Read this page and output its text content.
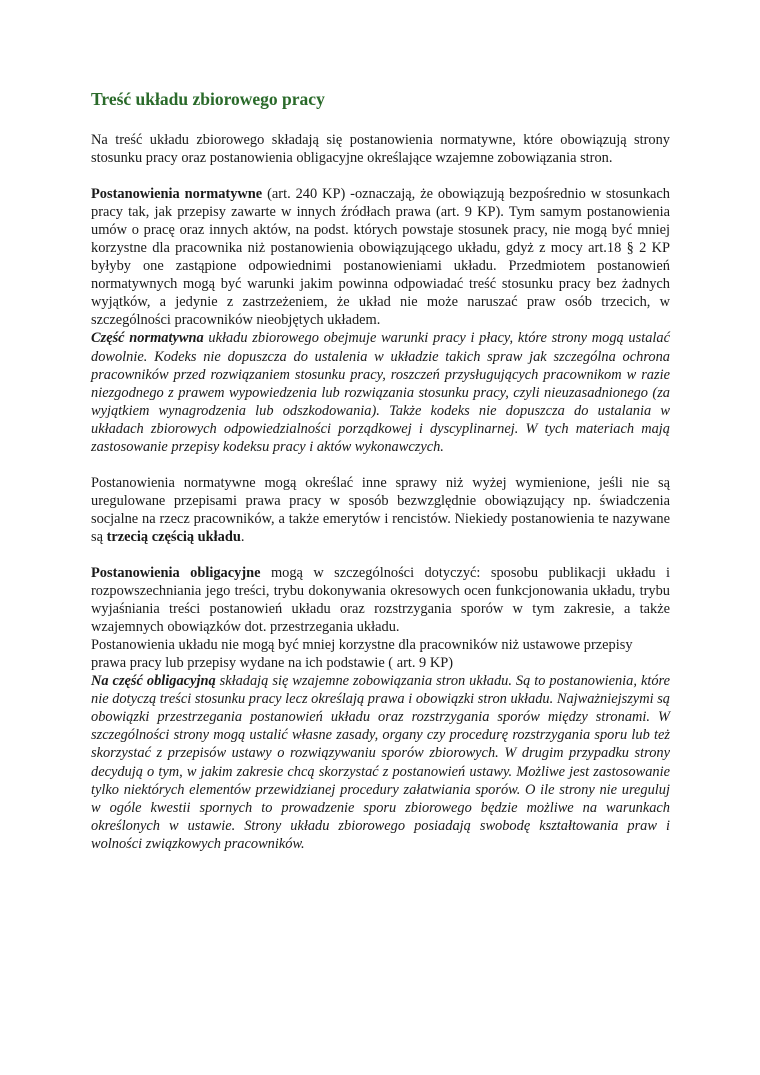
Treść układu zbiorowego pracy

Na treść układu zbiorowego składają się postanowienia normatywne, które obowiązują strony stosunku pracy oraz postanowienia obligacyjne określające wzajemne zobowiązania stron.

Postanowienia normatywne (art. 240 KP) -oznaczają, że obowiązują bezpośrednio w stosunkach pracy tak, jak przepisy zawarte w innych źródłach prawa (art. 9 KP). Tym samym postanowienia umów o pracę oraz innych aktów, na podst. których powstaje stosunek pracy, nie mogą być mniej korzystne dla pracownika niż postanowienia obowiązującego układu, gdyż z mocy art.18 § 2 KP byłyby one zastąpione odpowiednimi postanowieniami układu. Przedmiotem postanowień normatywnych mogą być warunki jakim powinna odpowiadać treść stosunku pracy bez żadnych wyjątków, a jedynie z zastrzeżeniem, że układ nie może naruszać praw osób trzecich, w szczególności pracowników nieobjętych układem.

Część normatywna układu zbiorowego obejmuje warunki pracy i płacy, które strony mogą ustalać dowolnie. Kodeks nie dopuszcza do ustalenia w układzie takich spraw jak szczególna ochrona pracowników przed rozwiązaniem stosunku pracy, roszczeń przysługujących pracownikom w razie niezgodnego z prawem wypowiedzenia lub rozwiązania stosunku pracy, czyli nieuzasadnionego (za wyjątkiem wynagrodzenia lub odszkodowania). Także kodeks nie dopuszcza do ustalania w układach zbiorowych odpowiedzialności porządkowej i dyscyplinarnej. W tych materiach mają zastosowanie przepisy kodeksu pracy i aktów wykonawczych.

Postanowienia normatywne mogą określać inne sprawy niż wyżej wymienione, jeśli nie są uregulowane przepisami prawa pracy w sposób bezwzględnie obowiązujący np. świadczenia socjalne na rzecz pracowników, a także emerytów i rencistów. Niekiedy postanowienia te nazywane są trzecią częścią układu.

Postanowienia obligacyjne mogą w szczególności dotyczyć: sposobu publikacji układu i rozpowszechniania jego treści, trybu dokonywania okresowych ocen funkcjonowania układu, trybu wyjaśniania treści postanowień układu oraz rozstrzygania sporów w tym zakresie, a także wzajemnych obowiązków dot. przestrzegania układu.

Postanowienia układu nie mogą być mniej korzystne dla pracowników niż ustawowe przepisy prawa pracy lub przepisy wydane na ich podstawie ( art. 9 KP)

Na część obligacyjną składają się wzajemne zobowiązania stron układu. Są to postanowienia, które nie dotyczą treści stosunku pracy lecz określają prawa i obowiązki stron układu. Najważniejszymi są obowiązki przestrzegania postanowień układu oraz rozstrzygania sporów między stronami. W szczególności strony mogą ustalić własne zasady, organy czy procedurę rozstrzygania sporu lub też skorzystać z przepisów ustawy o rozwiązywaniu sporów zbiorowych. W drugim przypadku strony decydują o tym, w jakim zakresie chcą skorzystać z postanowień ustawy. Możliwe jest zastosowanie tylko niektórych elementów przewidzianej procedury załatwiania sporów. O ile strony nie ureguluj w ogóle kwestii spornych to prowadzenie sporu zbiorowego będzie możliwe na warunkach określonych w ustawie. Strony układu zbiorowego posiadają swobodę kształtowania praw i wolności związkowych pracowników.
